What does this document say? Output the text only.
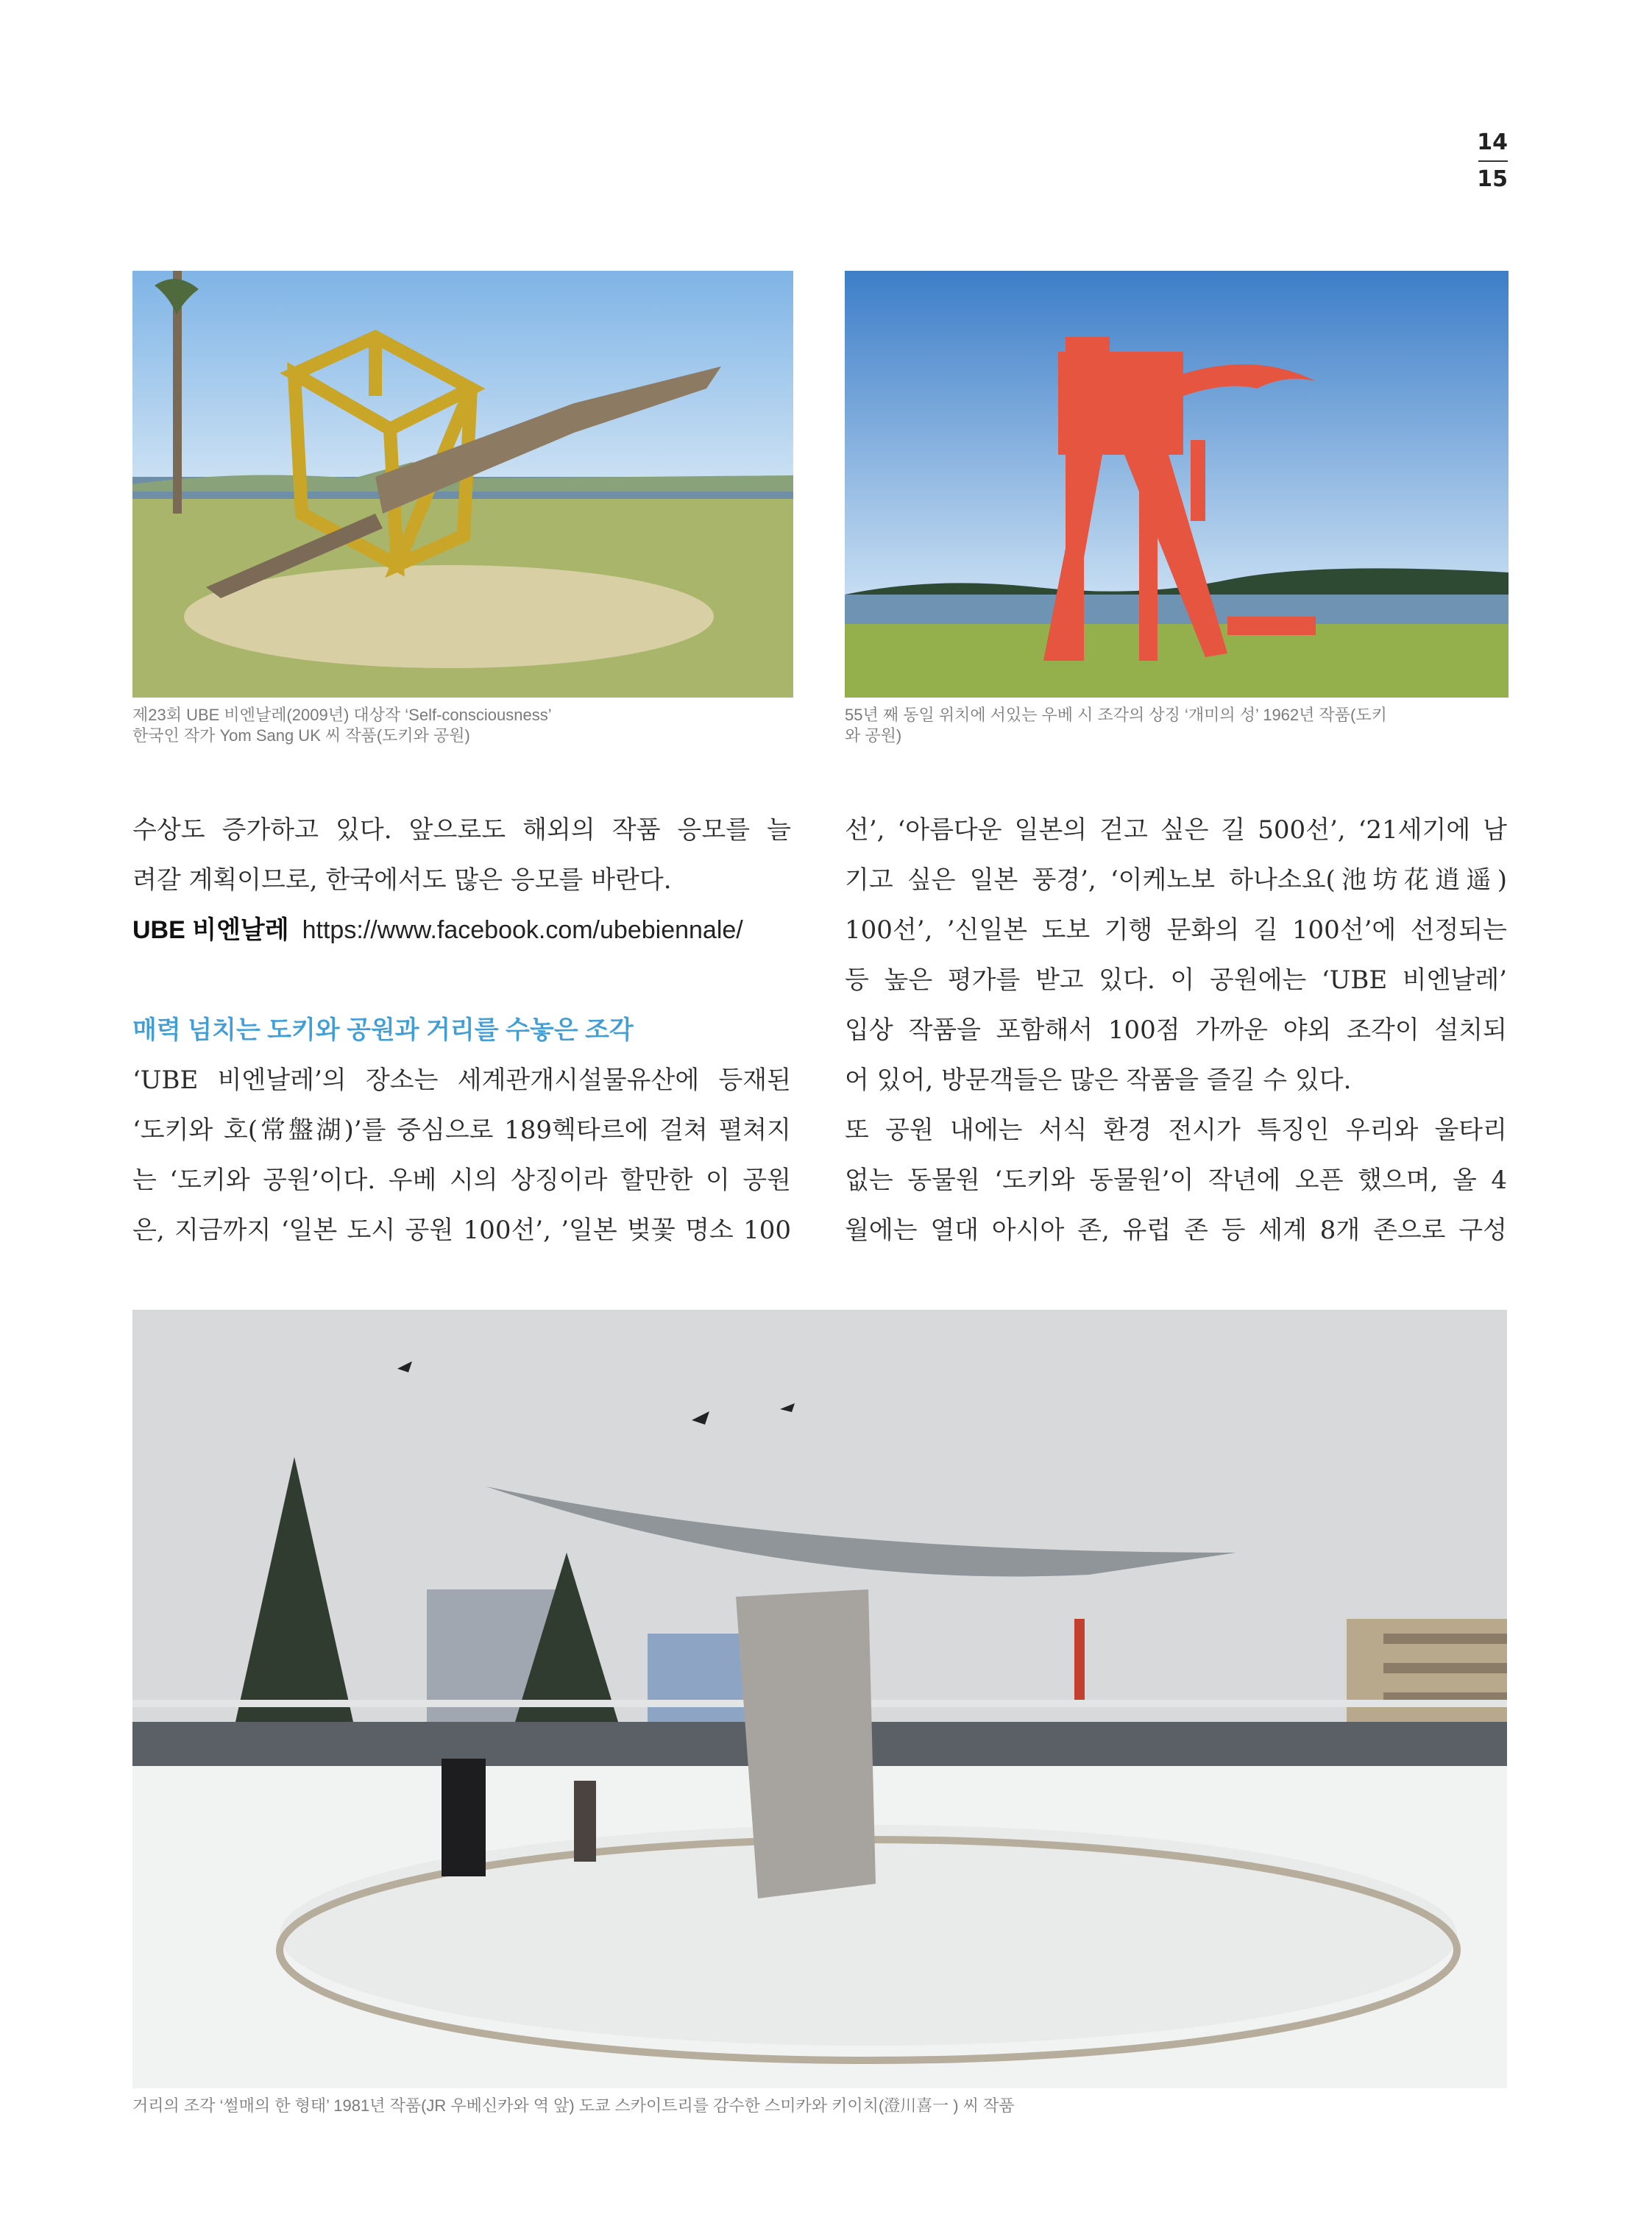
14
15
제23회 UBE 비엔날레(2009년) 대상작 ‘Self-consciousness’
한국인 작가 Yom Sang UK 씨 작품(도키와 공원)
55년 째 동일 위치에 서있는 우베 시 조각의 상징 ‘개미의 성’ 1962년 작품(도키
와 공원)

수상도 증가하고 있다. 앞으로도 해외의 작품 응모를 늘

려갈 계획이므로, 한국에서도 많은 응모를 바란다.

UBE 비엔날레 https://www.facebook.com/ubebiennale/

매력 넘치는 도키와 공원과 거리를 수놓은 조각

‘UBE 비엔날레’의 장소는 세계관개시설물유산에 등재된

‘도키와 호(常盤湖)’를 중심으로 189헥타르에 걸쳐 펼쳐지

는 ‘도키와 공원’이다. 우베 시의 상징이라 할만한 이 공원

은, 지금까지 ‘일본 도시 공원 100선’, ’일본 벚꽃 명소 100

선’, ‘아름다운 일본의 걷고 싶은 길 500선’, ‘21세기에 남

기고 싶은 일본 풍경’, ‘이케노보 하나소요(池坊花逍遥)

100선’, ’신일본 도보 기행 문화의 길 100선’에 선정되는

등 높은 평가를 받고 있다. 이 공원에는 ‘UBE 비엔날레’

입상 작품을 포함해서 100점 가까운 야외 조각이 설치되

어 있어, 방문객들은 많은 작품을 즐길 수 있다.

또 공원 내에는 서식 환경 전시가 특징인 우리와 울타리

없는 동물원 ‘도키와 동물원’이 작년에 오픈 했으며, 올 4

월에는 열대 아시아 존, 유럽 존 등 세계 8개 존으로 구성

거리의 조각 ‘썰매의 한 형태’ 1981년 작품(JR 우베신카와 역 앞) 도쿄 스카이트리를 감수한 스미카와 키이치(澄川喜一 ) 씨 작품
